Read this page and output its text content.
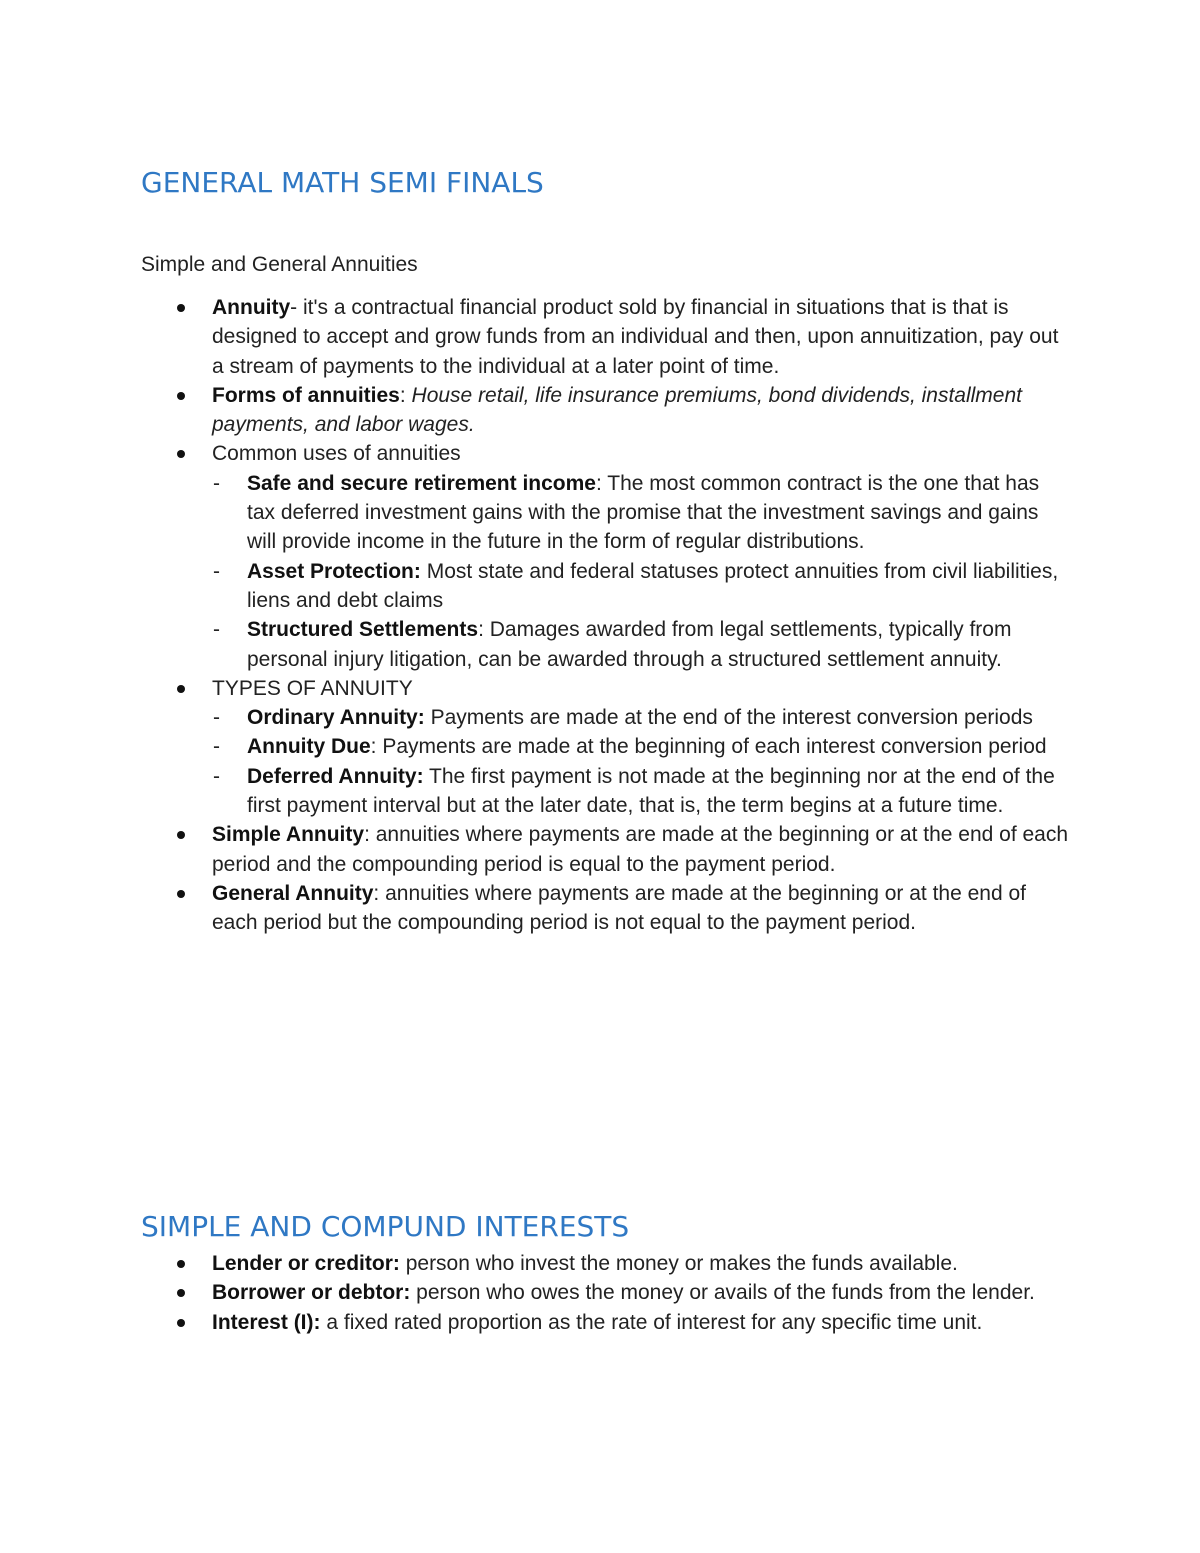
GENERAL MATH SEMI FINALS

Simple and General Annuities

Annuity- it's a contractual financial product sold by financial in situations that is that is designed to accept and grow funds from an individual and then, upon annuitization, pay out a stream of payments to the individual at a later point of time.
Forms of annuities: House retail, life insurance premiums, bond dividends, installment payments, and labor wages.
Common uses of annuities
- Safe and secure retirement income: The most common contract is the one that has tax deferred investment gains with the promise that the investment savings and gains will provide income in the future in the form of regular distributions.
- Asset Protection: Most state and federal statuses protect annuities from civil liabilities, liens and debt claims
- Structured Settlements: Damages awarded from legal settlements, typically from personal injury litigation, can be awarded through a structured settlement annuity.
TYPES OF ANNUITY
- Ordinary Annuity: Payments are made at the end of the interest conversion periods
- Annuity Due: Payments are made at the beginning of each interest conversion period
- Deferred Annuity: The first payment is not made at the beginning nor at the end of the first payment interval but at the later date, that is, the term begins at a future time.
Simple Annuity: annuities where payments are made at the beginning or at the end of each period and the compounding period is equal to the payment period.
General Annuity: annuities where payments are made at the beginning or at the end of each period but the compounding period is not equal to the payment period.
SIMPLE AND COMPUND INTERESTS
Lender or creditor: person who invest the money or makes the funds available.
Borrower or debtor: person who owes the money or avails of the funds from the lender.
Interest (I): a fixed rated proportion as the rate of interest for any specific time unit.
